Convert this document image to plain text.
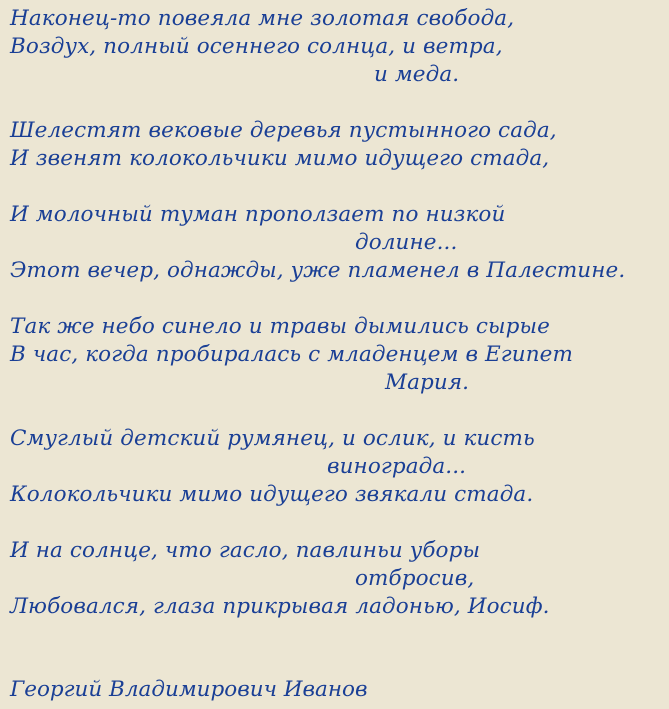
Наконец-то повеяла мне золотая свобода,
Воздух, полный осеннего солнца, и ветра,
и меда.
Шелестят вековые деревья пустынного сада,
И звенят колокольчики мимо идущего стада,
И молочный туман проползает по низкой
долине...
Этот вечер, однажды, уже пламенел в Палестине.
Так же небо синело и травы дымились сырые
В час, когда пробиралась с младенцем в Египет
Мария.
Смуглый детский румянец, и ослик, и кисть
винограда...
Колокольчики мимо идущего звякали стада.
И на солнце, что гасло, павлиньи уборы
отбросив,
Любовался, глаза прикрывая ладонью, Иосиф.
Георгий Владимирович Иванов
